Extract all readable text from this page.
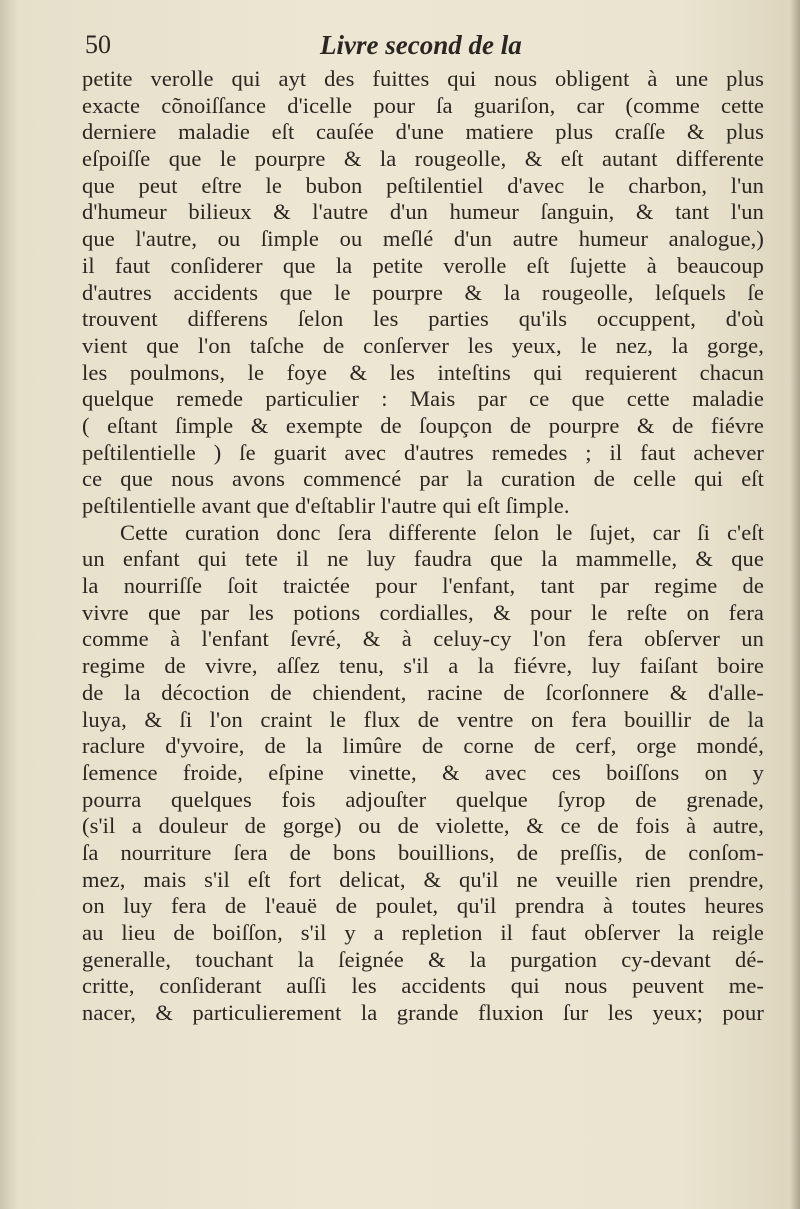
50	Livre second de la
petite verolle qui ayt des fuittes qui nous obligent à une plus
exacte cõnoiſſance d'icelle pour ſa guariſon, car (comme cette
derniere maladie eſt cauſée d'une matiere plus craſſe & plus
eſpoiſſe que le pourpre & la rougeolle, & eſt autant differente
que peut eſtre le bubon peſtilentiel d'avec le charbon, l'un
d'humeur bilieux & l'autre d'un humeur ſanguin, & tant l'un
que l'autre, ou ſimple ou meſlé d'un autre humeur analogue,)
il faut conſiderer que la petite verolle eſt ſujette à beaucoup
d'autres accidents que le pourpre & la rougeolle, leſquels ſe
trouvent differens ſelon les parties qu'ils occuppent, d'où
vient que l'on taſche de conſerver les yeux, le nez, la gorge,
les poulmons, le foye & les inteſtins qui requierent chacun
quelque remede particulier : Mais par ce que cette maladie
( eſtant ſimple & exempte de ſoupçon de pourpre & de fiévre
peſtilentielle ) ſe guarit avec d'autres remedes ; il faut achever
ce que nous avons commencé par la curation de celle qui eſt
peſtilentielle avant que d'eſtablir l'autre qui eſt ſimple.
Cette curation donc ſera differente ſelon le ſujet, car ſi c'eſt
un enfant qui tete il ne luy faudra que la mammelle, & que
la nourriſſe ſoit traictée pour l'enfant, tant par regime de
vivre que par les potions cordialles, & pour le reſte on fera
comme à l'enfant ſevré, & à celuy-cy l'on fera obſerver un
regime de vivre, aſſez tenu, s'il a la fiévre, luy faiſant boire
de la décoction de chiendent, racine de ſcorſonnere & d'alle-
luya, & ſi l'on craint le flux de ventre on fera bouillir de la
raclure d'yvoire, de la limûre de corne de cerf, orge mondé,
ſemence froide, eſpine vinette, & avec ces boiſſons on y
pourra quelques fois adjouſter quelque ſyrop de grenade,
(s'il a douleur de gorge) ou de violette, & ce de fois à autre,
ſa nourriture ſera de bons bouillions, de preſſis, de conſom-
mez, mais s'il eſt fort delicat, & qu'il ne veuille rien prendre,
on luy fera de l'eauë de poulet, qu'il prendra à toutes heures
au lieu de boiſſon, s'il y a repletion il faut obſerver la reigle
generalle, touchant la ſeignée & la purgation cy-devant dé-
critte, conſiderant auſſi les accidents qui nous peuvent me-
nacer, & particulierement la grande fluxion ſur les yeux; pour
